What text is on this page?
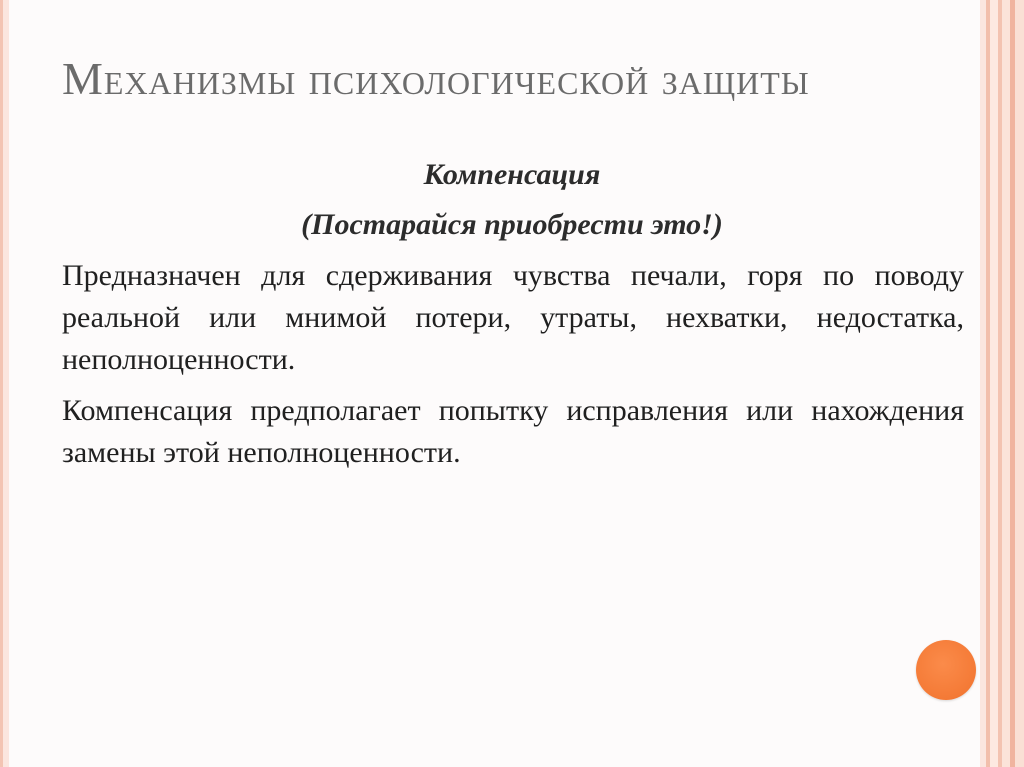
Механизмы психологической защиты
Компенсация
(Постарайся приобрести это!)
Предназначен для сдерживания чувства печали, горя по поводу реальной или мнимой потери, утраты, нехватки, недостатка, неполноценности.
Компенсация предполагает попытку исправления или нахождения замены этой неполноценности.
